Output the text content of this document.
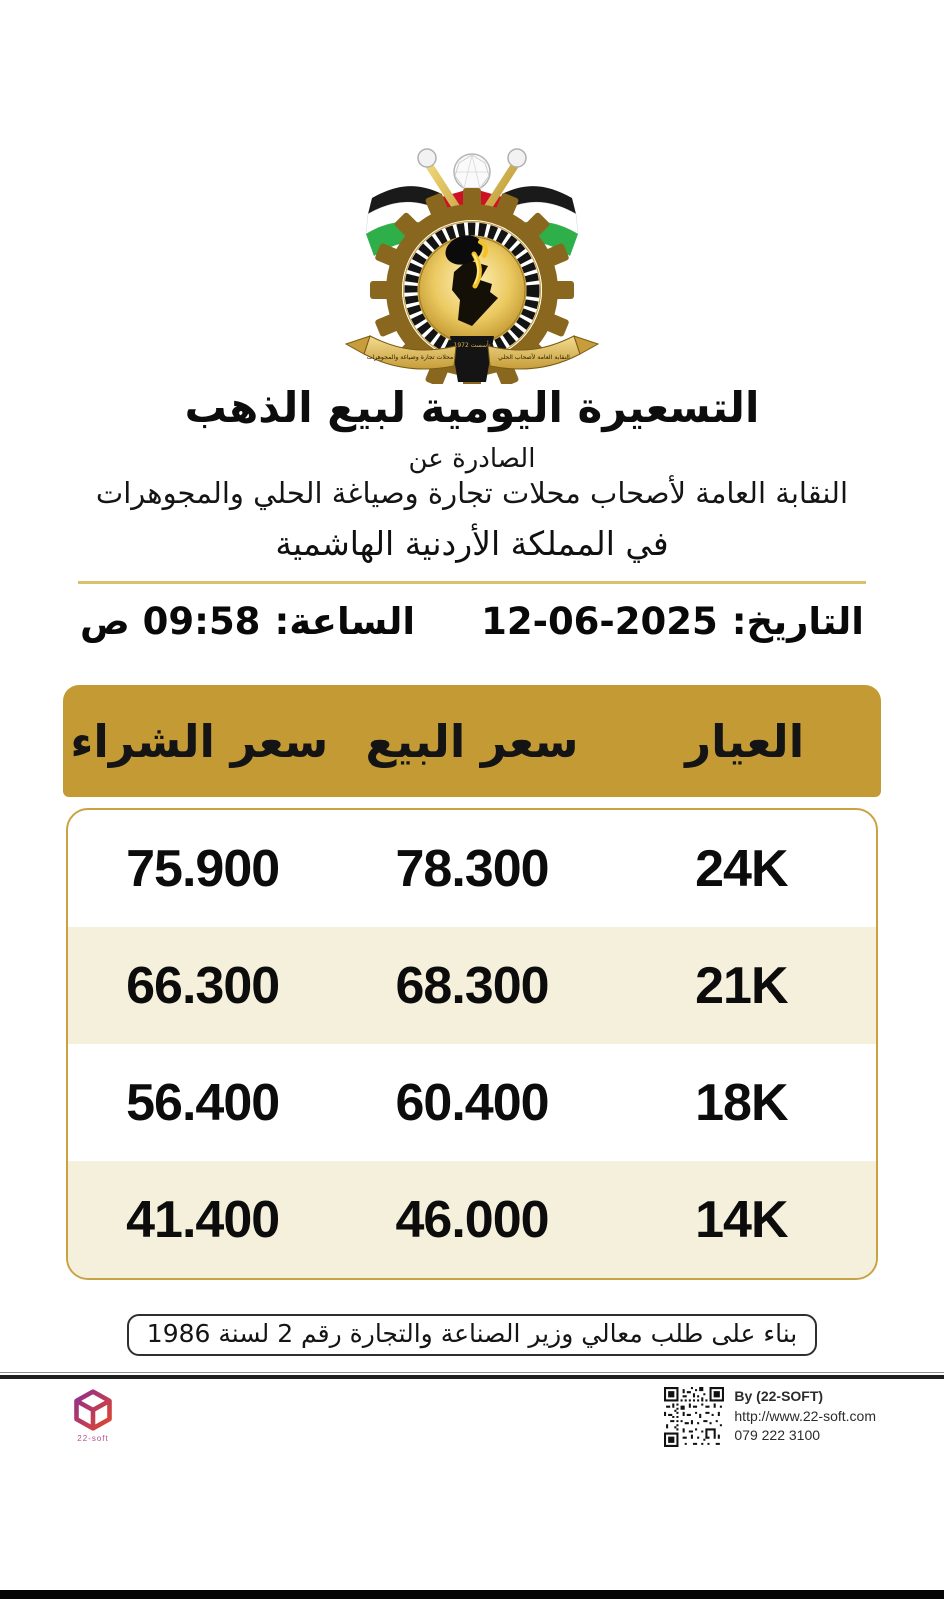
تأسست 1972
النقابة العامة لأصحاب الحلي
محلات تجارة وصياغة والمجوهرات
التسعيرة اليومية لبيع الذهب
الصادرة عن
النقابة العامة لأصحاب محلات تجارة وصياغة الحلي والمجوهرات
في المملكة الأردنية الهاشمية
التاريخ:
12-06-2025
الساعة:
09:58 ص
العيار
سعر البيع
سعر الشراء
24K
78.300
75.900
21K
68.300
66.300
18K
60.400
56.400
14K
46.000
41.400
بناء على طلب معالي وزير الصناعة والتجارة رقم 2 لسنة 1986
22-soft
By (22-SOFT)
http://www.22-soft.com
079 222 3100
